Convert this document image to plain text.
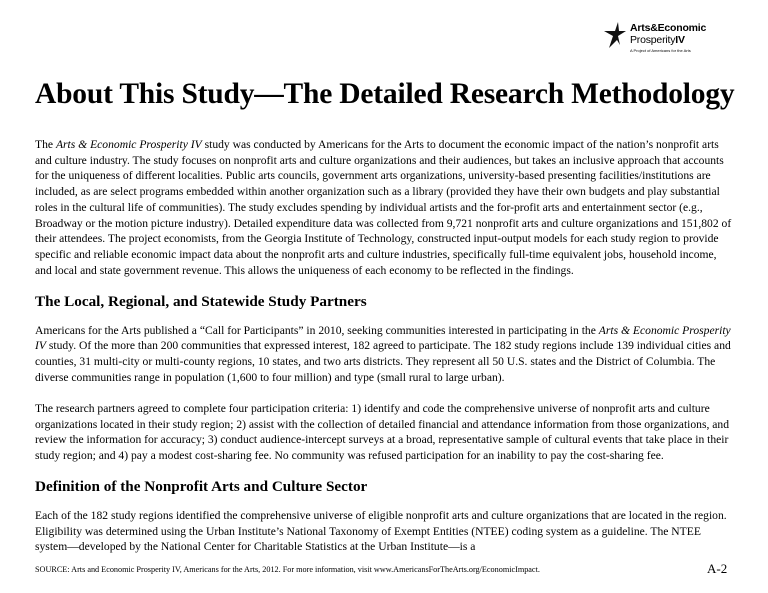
Arts&Economic
ProsperityIV
A Project of Americans for the Arts
About This Study—The Detailed Research Methodology

The Arts & Economic Prosperity IV study was conducted by Americans for the Arts to document the economic impact of the nation’s nonprofit arts and culture industry. The study focuses on nonprofit arts and culture organizations and their audiences, but takes an inclusive approach that accounts for the uniqueness of different localities. Public arts councils, government arts organizations, university-based presenting facilities/institutions are included, as are select programs embedded within another organization such as a library (provided they have their own budgets and play substantial roles in the cultural life of communities). The study excludes spending by individual artists and the for-profit arts and entertainment sector (e.g., Broadway or the motion picture industry). Detailed expenditure data was collected from 9,721 nonprofit arts and culture organizations and 151,802 of their attendees. The project economists, from the Georgia Institute of Technology, constructed input-output models for each study region to provide specific and reliable economic impact data about the nonprofit arts and culture industries, specifically full-time equivalent jobs, household income, and local and state government revenue. This allows the uniqueness of each economy to be reflected in the findings.

The Local, Regional, and Statewide Study Partners

Americans for the Arts published a “Call for Participants” in 2010, seeking communities interested in participating in the Arts & Economic Prosperity IV study. Of the more than 200 communities that expressed interest, 182 agreed to participate. The 182 study regions include 139 individual cities and counties, 31 multi-city or multi-county regions, 10 states, and two arts districts. They represent all 50 U.S. states and the District of Columbia. The diverse communities range in population (1,600 to four million) and type (small rural to large urban).

The research partners agreed to complete four participation criteria: 1) identify and code the comprehensive universe of nonprofit arts and culture organizations located in their study region; 2) assist with the collection of detailed financial and attendance information from those organizations, and review the information for accuracy; 3) conduct audience-intercept surveys at a broad, representative sample of cultural events that take place in their study region; and 4) pay a modest cost-sharing fee. No community was refused participation for an inability to pay the cost-sharing fee.

Definition of the Nonprofit Arts and Culture Sector

Each of the 182 study regions identified the comprehensive universe of eligible nonprofit arts and culture organizations that are located in the region. Eligibility was determined using the Urban Institute’s National Taxonomy of Exempt Entities (NTEE) coding system as a guideline. The NTEE system—developed by the National Center for Charitable Statistics at the Urban Institute—is a

SOURCE: Arts and Economic Prosperity IV, Americans for the Arts, 2012. For more information, visit www.AmericansForTheArts.org/EconomicImpact.	A-2
